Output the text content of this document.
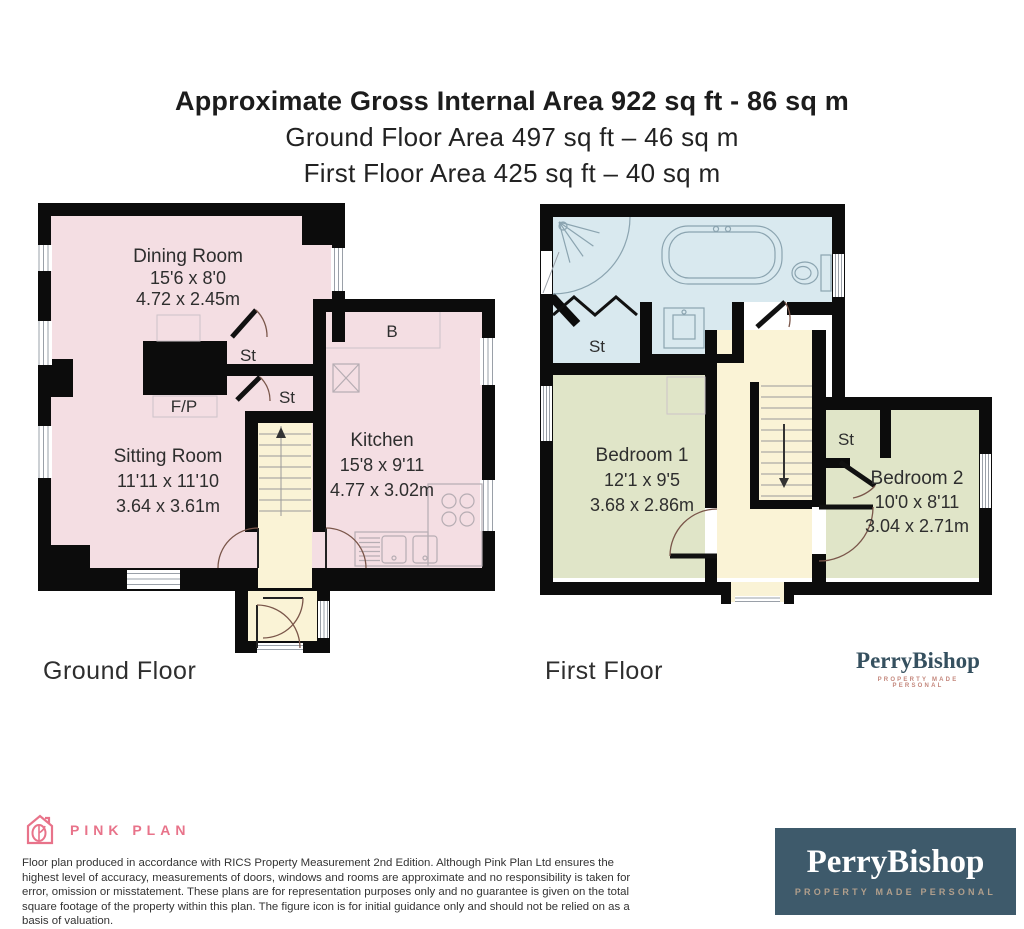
Approximate Gross Internal Area 922 sq ft - 86 sq m
Ground Floor Area 497 sq ft – 46 sq m
First Floor Area 425 sq ft – 40 sq m
Dining Room
15'6 x 8'0
4.72 x 2.45m
Sitting Room
11'11 x 11'10
3.64 x 3.61m
Kitchen
15'8 x 9'11
4.77 x 3.02m
B
F/P
St
St
Bedroom 1
12'1 x 9'5
3.68 x 2.86m
Bedroom 2
10'0 x 8'11
3.04 x 2.71m
St
St
Ground Floor	First Floor	PerryBishop
PROPERTY MADE PERSONAL
PINK PLAN
Floor plan produced in accordance with RICS Property Measurement 2nd Edition. Although Pink Plan Ltd ensures the highest level of accuracy, measurements of doors, windows and rooms are approximate and no responsibility is taken for error, omission or misstatement. These plans are for representation purposes only and no guarantee is given on the total square footage of the property within this plan. The figure icon is for initial guidance only and should not be relied on as a basis of valuation.
PerryBishop
PROPERTY MADE PERSONAL
